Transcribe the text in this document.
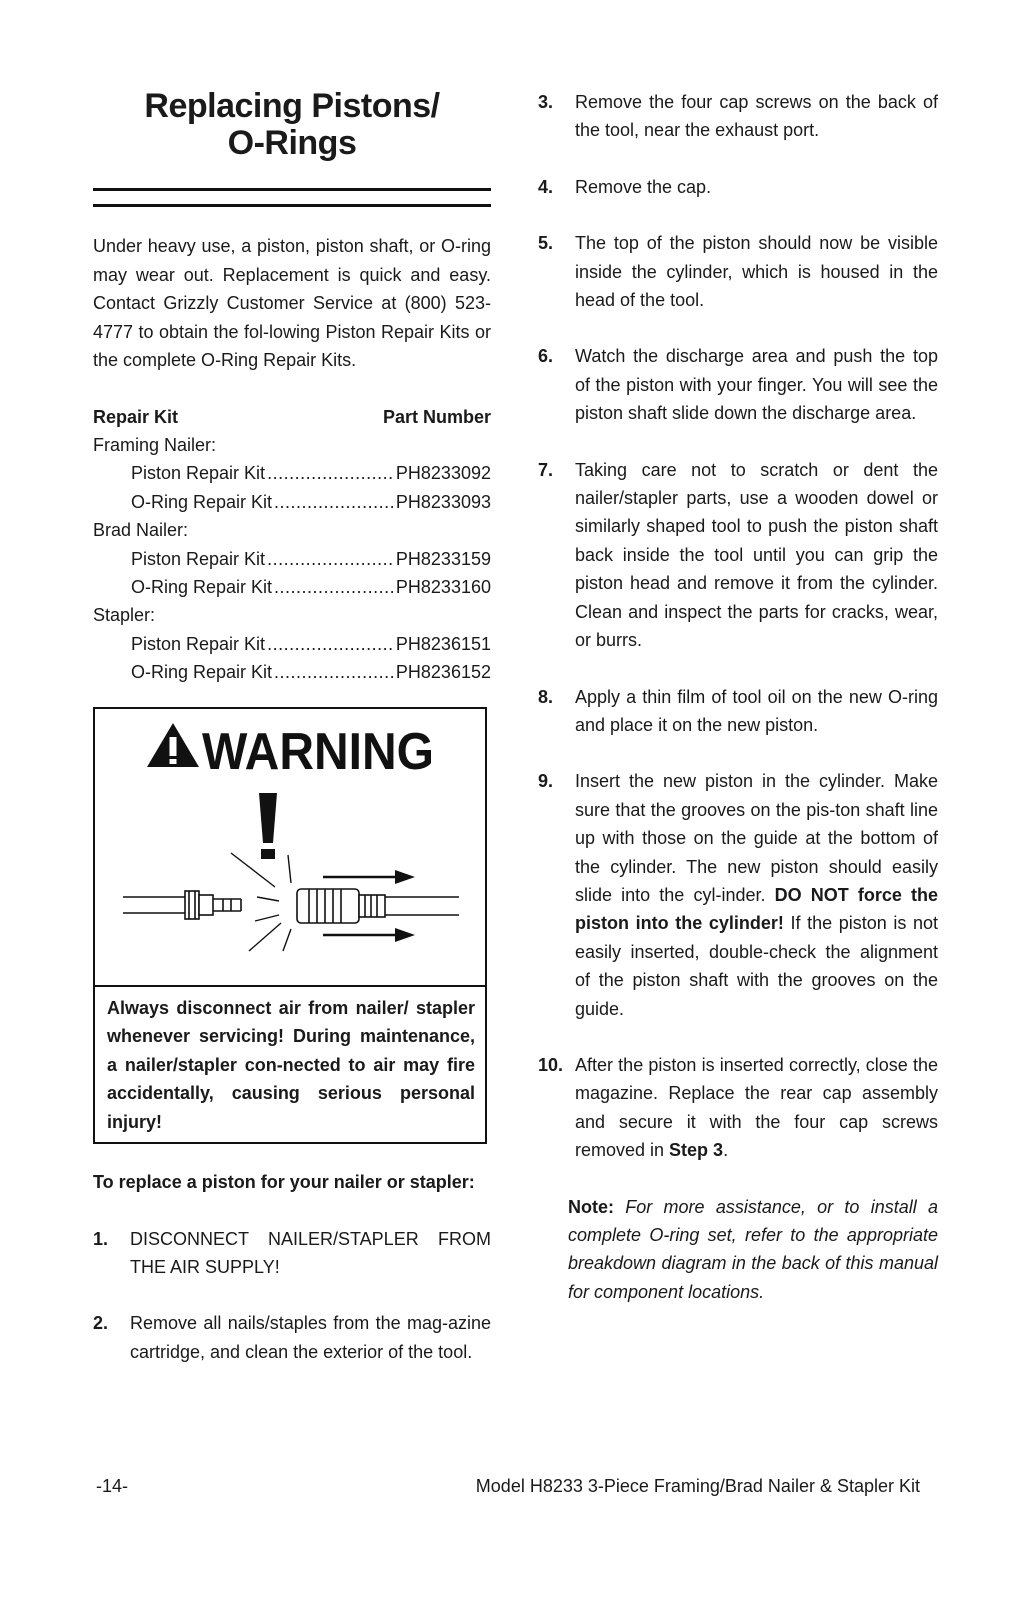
Replacing Pistons/
O-Rings

Under heavy use, a piston, piston shaft, or O-ring may wear out. Replacement is quick and easy. Contact Grizzly Customer Service at (800) 523-4777 to obtain the fol-lowing Piston Repair Kits or the complete O-Ring Repair Kits.

Repair Kit	Part Number
Framing Nailer:
Piston Repair Kit .....	PH8233092
O-Ring Repair Kit .....	PH8233093
Brad Nailer:
Piston Repair Kit .....	PH8233159
O-Ring Repair Kit .....	PH8233160
Stapler:
Piston Repair Kit .....	PH8236151
O-Ring Repair Kit .....	PH8236152
WARNING

Always disconnect air from nailer/ stapler whenever servicing! During maintenance, a nailer/stapler con-nected to air may fire accidentally, causing serious personal injury!

To replace a piston for your nailer or stapler:

1.	DISCONNECT NAILER/STAPLER FROM THE AIR SUPPLY!

2.	Remove all nails/staples from the mag-azine cartridge, and clean the exterior of the tool.

3.	Remove the four cap screws on the back of the tool, near the exhaust port.

4.	Remove the cap.

5.	The top of the piston should now be visible inside the cylinder, which is housed in the head of the tool.

6.	Watch the discharge area and push the top of the piston with your finger. You will see the piston shaft slide down the discharge area.

7.	Taking care not to scratch or dent the nailer/stapler parts, use a wooden dowel or similarly shaped tool to push the piston shaft back inside the tool until you can grip the piston head and remove it from the cylinder. Clean and inspect the parts for cracks, wear, or burrs.

8.	Apply a thin film of tool oil on the new O-ring and place it on the new piston.

9.	Insert the new piston in the cylinder. Make sure that the grooves on the pis-ton shaft line up with those on the guide at the bottom of the cylinder. The new piston should easily slide into the cyl-inder. DO NOT force the piston into the cylinder! If the piston is not easily inserted, double-check the alignment of the piston shaft with the grooves on the guide.

10. After the piston is inserted correctly, close the magazine. Replace the rear cap assembly and secure it with the four cap screws removed in Step 3.

Note: For more assistance, or to install a complete O-ring set, refer to the appropriate breakdown diagram in the back of this manual for component locations.

-14-	Model H8233 3-Piece Framing/Brad Nailer & Stapler Kit
